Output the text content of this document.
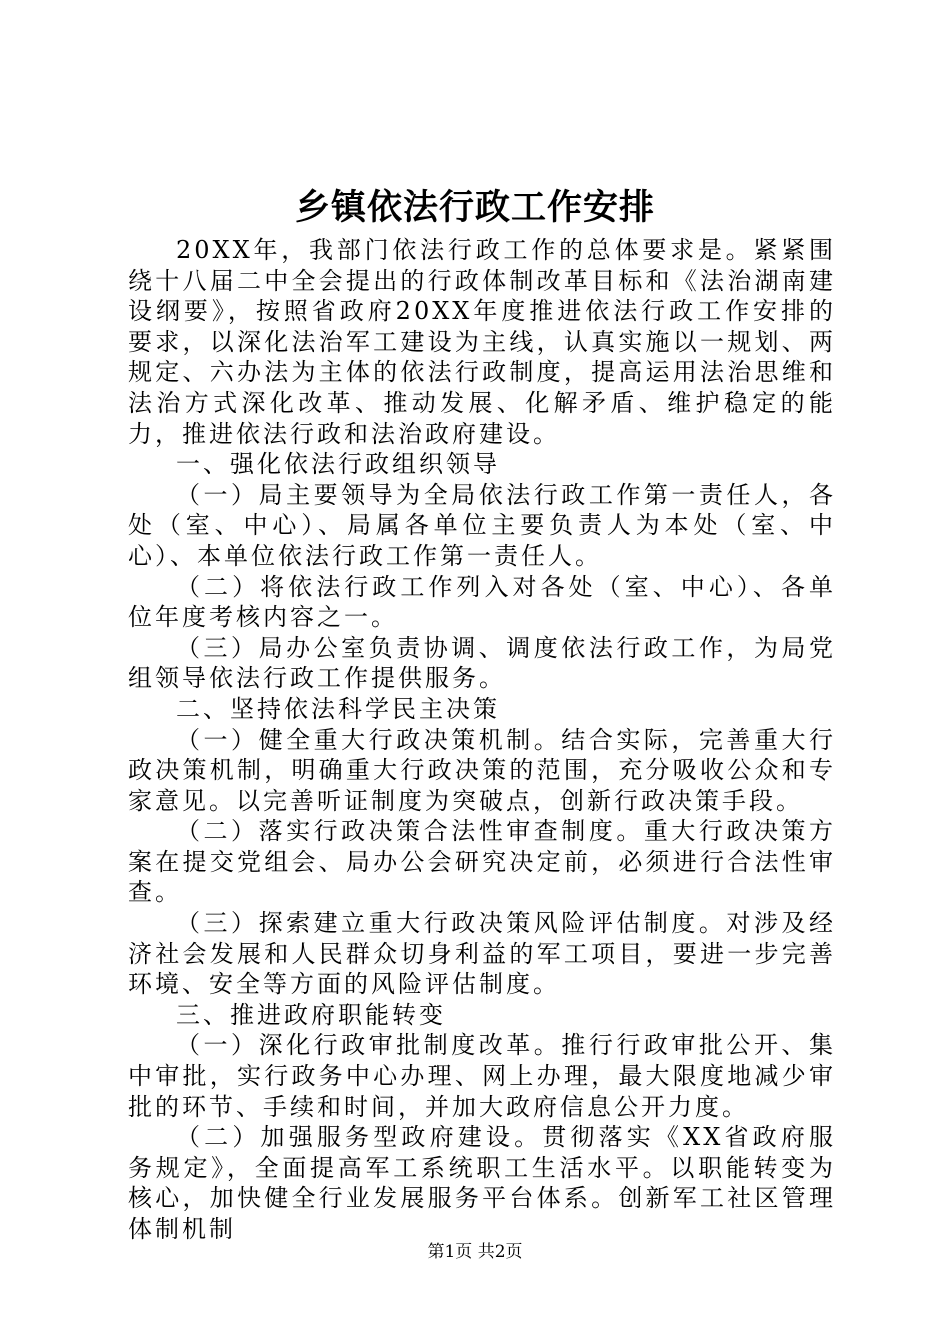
乡镇依法行政工作安排

20XX年，我部门依法行政工作的总体要求是。紧紧围绕十八届二中全会提出的行政体制改革目标和《法治湖南建设纲要》，按照省政府20XX年度推进依法行政工作安排的要求，以深化法治军工建设为主线，认真实施以一规划、两规定、六办法为主体的依法行政制度，提高运用法治思维和法治方式深化改革、推动发展、化解矛盾、维护稳定的能力，推进依法行政和法治政府建设。

一、强化依法行政组织领导

（一）局主要领导为全局依法行政工作第一责任人，各处（室、中心）、局属各单位主要负责人为本处（室、中心）、本单位依法行政工作第一责任人。

（二）将依法行政工作列入对各处（室、中心）、各单位年度考核内容之一。

（三）局办公室负责协调、调度依法行政工作，为局党组领导依法行政工作提供服务。

二、坚持依法科学民主决策

（一）健全重大行政决策机制。结合实际，完善重大行政决策机制，明确重大行政决策的范围，充分吸收公众和专家意见。以完善听证制度为突破点，创新行政决策手段。

（二）落实行政决策合法性审查制度。重大行政决策方案在提交党组会、局办公会研究决定前，必须进行合法性审查。

（三）探索建立重大行政决策风险评估制度。对涉及经济社会发展和人民群众切身利益的军工项目，要进一步完善环境、安全等方面的风险评估制度。

三、推进政府职能转变

（一）深化行政审批制度改革。推行行政审批公开、集中审批，实行政务中心办理、网上办理，最大限度地减少审批的环节、手续和时间，并加大政府信息公开力度。

（二）加强服务型政府建设。贯彻落实《XX省政府服务规定》，全面提高军工系统职工生活水平。以职能转变为核心，加快健全行业发展服务平台体系。创新军工社区管理体制机制

第1页 共2页
